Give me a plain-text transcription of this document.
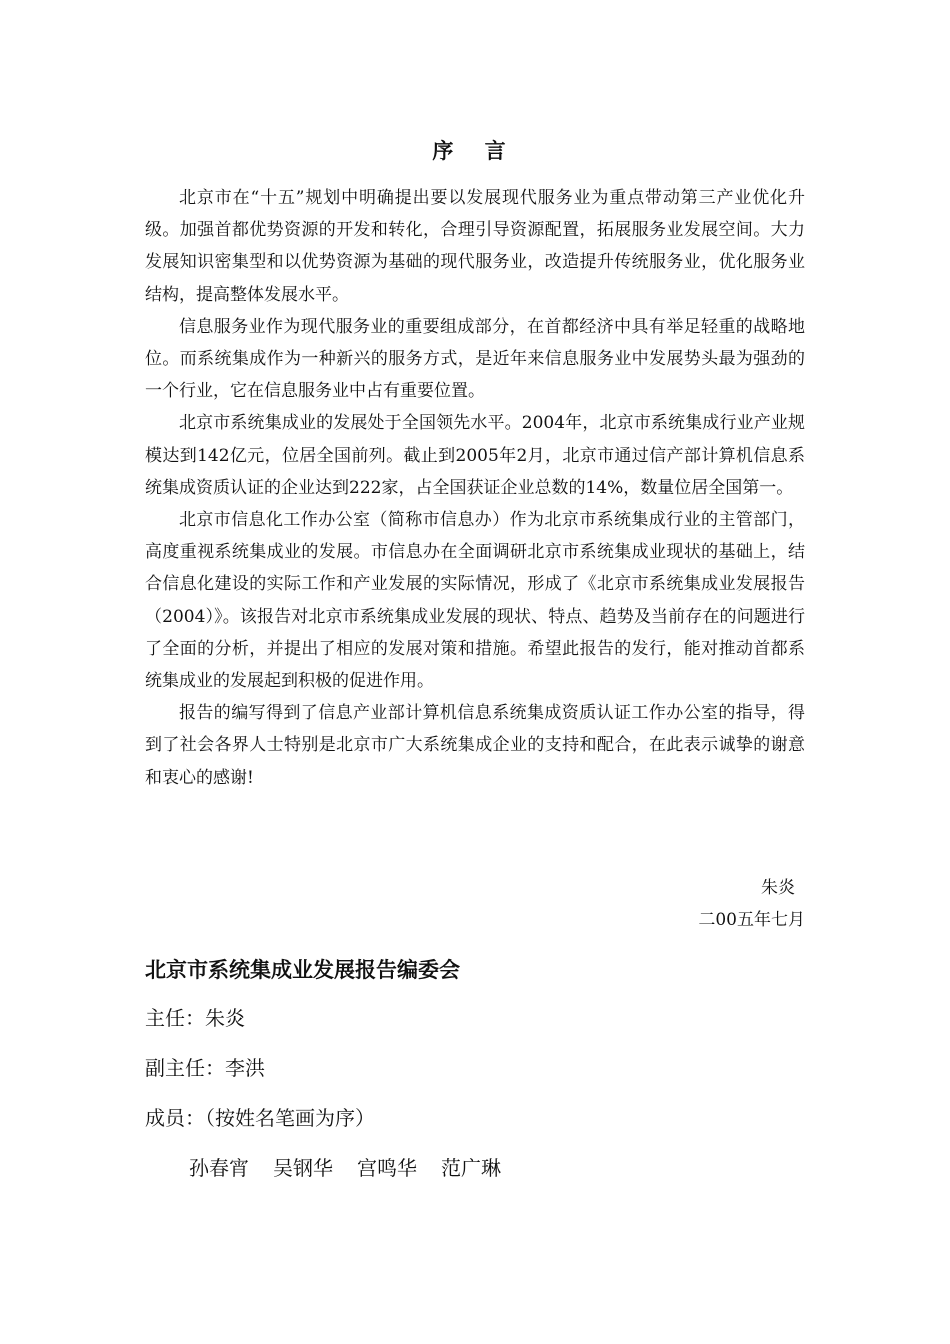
序 言

北京市在“十五”规划中明确提出要以发展现代服务业为重点带动第三产业优化升级。加强首都优势资源的开发和转化，合理引导资源配置，拓展服务业发展空间。大力发展知识密集型和以优势资源为基础的现代服务业，改造提升传统服务业，优化服务业结构，提高整体发展水平。

信息服务业作为现代服务业的重要组成部分，在首都经济中具有举足轻重的战略地位。而系统集成作为一种新兴的服务方式，是近年来信息服务业中发展势头最为强劲的一个行业，它在信息服务业中占有重要位置。

北京市系统集成业的发展处于全国领先水平。2004年，北京市系统集成行业产业规模达到142亿元，位居全国前列。截止到2005年2月，北京市通过信产部计算机信息系统集成资质认证的企业达到222家，占全国获证企业总数的14%，数量位居全国第一。

北京市信息化工作办公室（简称市信息办）作为北京市系统集成行业的主管部门，高度重视系统集成业的发展。市信息办在全面调研北京市系统集成业现状的基础上，结合信息化建设的实际工作和产业发展的实际情况，形成了《北京市系统集成业发展报告（2004）》。该报告对北京市系统集成业发展的现状、特点、趋势及当前存在的问题进行了全面的分析，并提出了相应的发展对策和措施。希望此报告的发行，能对推动首都系统集成业的发展起到积极的促进作用。

报告的编写得到了信息产业部计算机信息系统集成资质认证工作办公室的指导，得到了社会各界人士特别是北京市广大系统集成企业的支持和配合，在此表示诚挚的谢意和衷心的感谢!

朱炎
二00五年七月
北京市系统集成业发展报告编委会
主任：朱炎
副主任：李洪
成员：（按姓名笔画为序）
孙春宵 吴钢华 宫鸣华 范广琳
